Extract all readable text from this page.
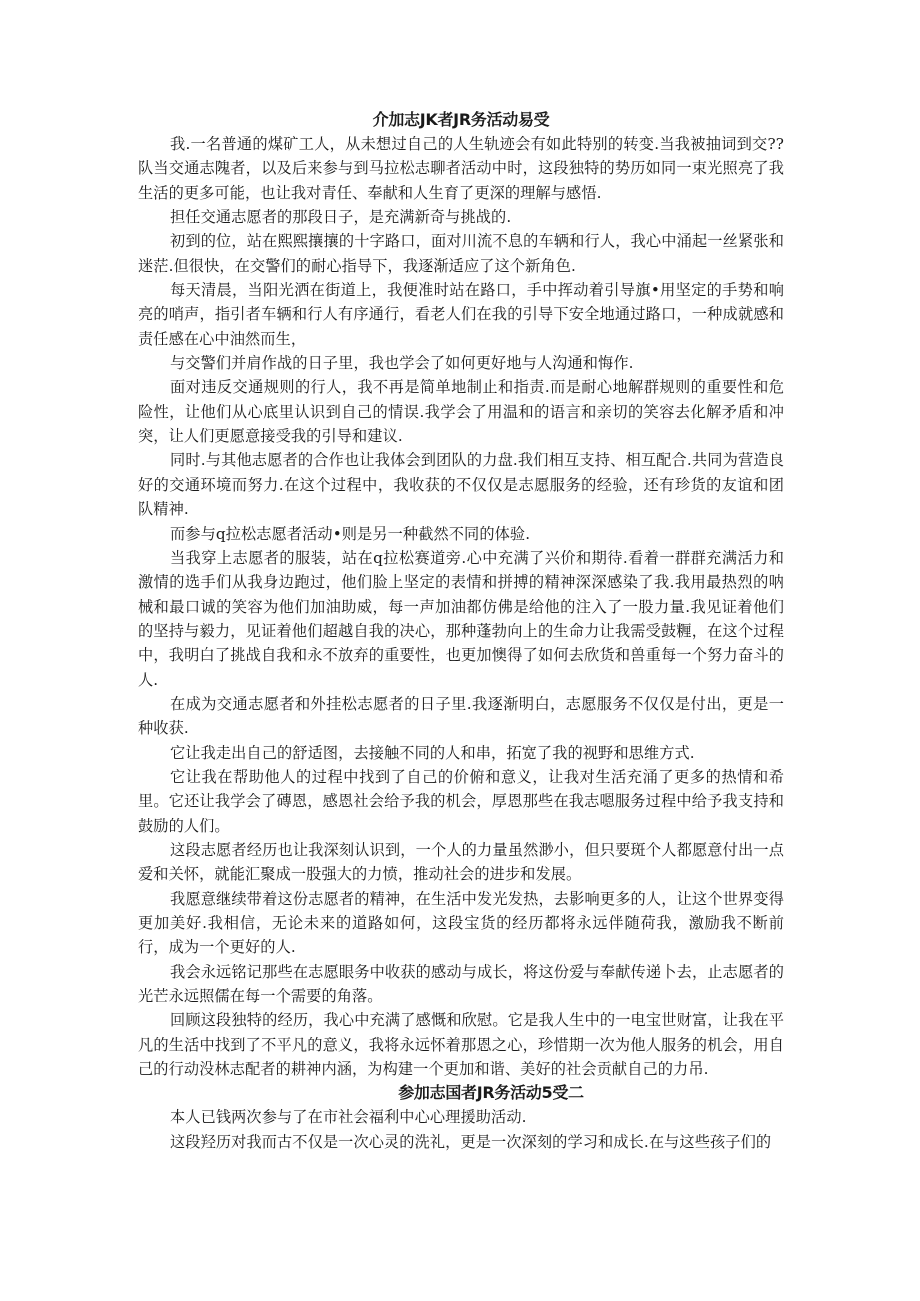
介加志JK者JR务活动易受

我.一名普通的煤矿工人，从未想过自己的人生轨迹会有如此特别的转变.当我被抽词到交??队当交通志隗者，以及后来参与到马拉松志聊者活动中时，这段独特的势历如同一束光照亮了我生活的更多可能，也让我对青任、奉献和人生育了更深的理解与感悟.

担任交通志愿者的那段日子，是充满新奇与挑战的.

初到的位，站在熙熙攘攘的十字路口，面对川流不息的车辆和行人，我心中涌起一丝紧张和迷茫.但很快，在交警们的耐心指导下，我逐渐适应了这个新角色.

每天清晨，当阳光洒在街道上，我便准时站在路口，手中挥动着引导旗•用坚定的手势和响亮的哨声，指引者车辆和行人有序通行，看老人们在我的引导下安全地通过路口，一种成就感和责任感在心中油然而生，

与交警们并肩作战的日子里，我也学会了如何更好地与人沟通和悔作.

面对违反交通规则的行人，我不再是简单地制止和指责.而是耐心地解群规则的重要性和危险性，让他们从心底里认识到自己的情误.我学会了用温和的语言和亲切的笑容去化解矛盾和冲突，让人们更愿意接受我的引导和建议.

同时.与其他志愿者的合作也让我体会到团队的力盘.我们相互支持、相互配合.共同为营造良好的交通环境而努力.在这个过程中，我收获的不仅仅是志愿服务的经验，还有珍货的友谊和团队精神.

而参与q拉松志愿者活动•则是另一种截然不同的体验.

当我穿上志愿者的服装，站在q拉松赛道旁.心中充满了兴价和期待.看着一群群充满活力和激情的选手们从我身边跑过，他们脸上坚定的表情和拼搏的精神深深感染了我.我用最热烈的呐械和最口诚的笑容为他们加油助威，每一声加油都仿佛是给他的注入了一股力量.我见证着他们的坚持与毅力，见证着他们超越自我的决心，那种蓬勃向上的生命力让我需受鼓糎，在这个过程中，我明白了挑战自我和永不放弃的重要性，也更加懊得了如何去欣货和兽重每一个努力奋斗的人.

在成为交通志愿者和外挂松志愿者的日子里.我逐渐明白，志愿服务不仅仅是付出，更是一种收获.

它让我走出自己的舒适图，去接触不同的人和串，拓宽了我的视野和思维方式.

它让我在帮助他人的过程中找到了自己的价俯和意义，让我对生活充涌了更多的热情和希里。它还让我学会了磚恩，感恩社会给予我的机会，厚恩那些在我志嗯服务过程中给予我支持和鼓励的人们。

这段志愿者经历也让我深刻认识到，一个人的力量虽然渺小，但只要斑个人都愿意付出一点爱和关怀，就能汇聚成一股强大的力愤，推动社会的进步和发展。

我愿意继续带着这份志愿者的精神，在生活中发光发热，去影响更多的人，让这个世界变得更加美好.我相信，无论未来的道路如何，这段宝货的经历都将永远伴随荷我，激励我不断前行，成为一个更好的人.

我会永远铭记那些在志愿眼务中收获的感动与成长，将这份爱与奉献传递卜去，止志愿者的光芒永远照儒在每一个需要的角落。

回顾这段独特的经历，我心中充满了感慨和欣慰。它是我人生中的一电宝世财富，让我在平凡的生活中找到了不平凡的意义，我将永远怀着那恩之心，珍惜期一次为他人服务的机会，用自己的行动没林志配者的耕神内涵，为构建一个更加和谐、美好的社会贡献自己的力吊.

参加志国者JR务活动5受二

本人已钱两次参与了在市社会福利中心心理援助活动.

这段羟历对我而古不仅是一次心灵的洗礼，更是一次深刻的学习和成长.在与这些孩子们的
